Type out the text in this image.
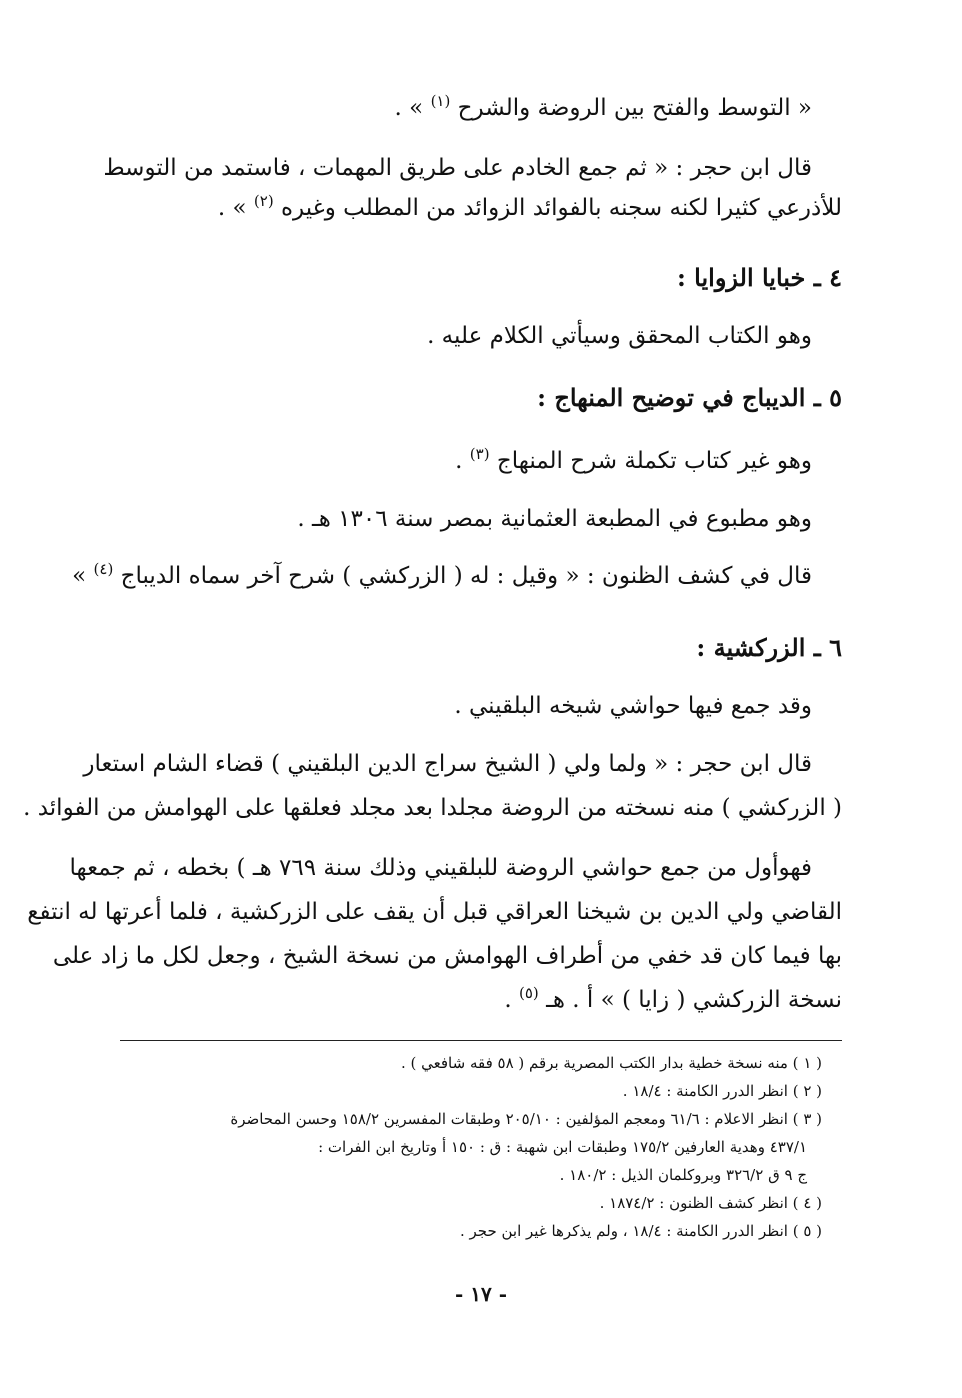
« التوسط والفتح بين الروضة والشرح $^{(١)}$ » .
قال ابن حجر : « ثم جمع الخادم على طريق المهمات ، فاستمد من التوسط
للأذرعي كثيرا لكنه سجنه بالفوائد الزوائد من المطلب وغيره $^{(٢)}$ » .
٤ ـ خبايا الزوايا :
وهو الكتاب المحقق وسيأتي الكلام عليه .
٥ ـ الديباج في توضيح المنهاج :
وهو غير كتاب تكملة شرح المنهاج $^{(٣)}$ .
وهو مطبوع في المطبعة العثمانية بمصر سنة ١٣٠٦ هـ .
قال في كشف الظنون : « وقيل : له ( الزركشي ) شرح آخر سماه الديباج $^{(٤)}$ »
٦ ـ الزركشية :
وقد جمع فيها حواشي شيخه البلقيني .
قال ابن حجر : « ولما ولي ( الشيخ سراج الدين البلقيني ) قضاء الشام استعار
( الزركشي ) منه نسخته من الروضة مجلدا بعد مجلد فعلقها على الهوامش من الفوائد .
فهوأول من جمع حواشي الروضة للبلقيني وذلك سنة ٧٦٩ هـ ) بخطه ، ثم جمعها
القاضي ولي الدين بن شيخنا العراقي قبل أن يقف على الزركشية ، فلما أعرتها له انتفع
بها فيما كان قد خفي من أطراف الهوامش من نسخة الشيخ ، وجعل لكل ما زاد على
نسخة الزركشي ( زايا ) » أ . هـ $^{(٥)}$ .
( ١ ) منه نسخة خطية بدار الكتب المصرية برقم ( ٥٨ فقه شافعي ) .
( ٢ ) انظر الدرر الكامنة : ١٨/٤ .
( ٣ ) انظر الاعلام : ٦١/٦ ومعجم المؤلفين : ٢٠٥/١٠ وطبقات المفسرين ١٥٨/٢ وحسن المحاضرة
٤٣٧/١ وهدية العارفين ١٧٥/٢ وطبقات ابن شهبة : ق : ١٥٠ أ وتاريخ ابن الفرات :
ج ٩ ق ٣٢٦/٢ وبروكلمان الذيل : ١٨٠/٢ .
( ٤ ) انظر كشف الظنون : ١٨٧٤/٢ .
( ٥ ) انظر الدرر الكامنة : ١٨/٤ ، ولم يذكرها غير ابن حجر .
- ١٧ -
